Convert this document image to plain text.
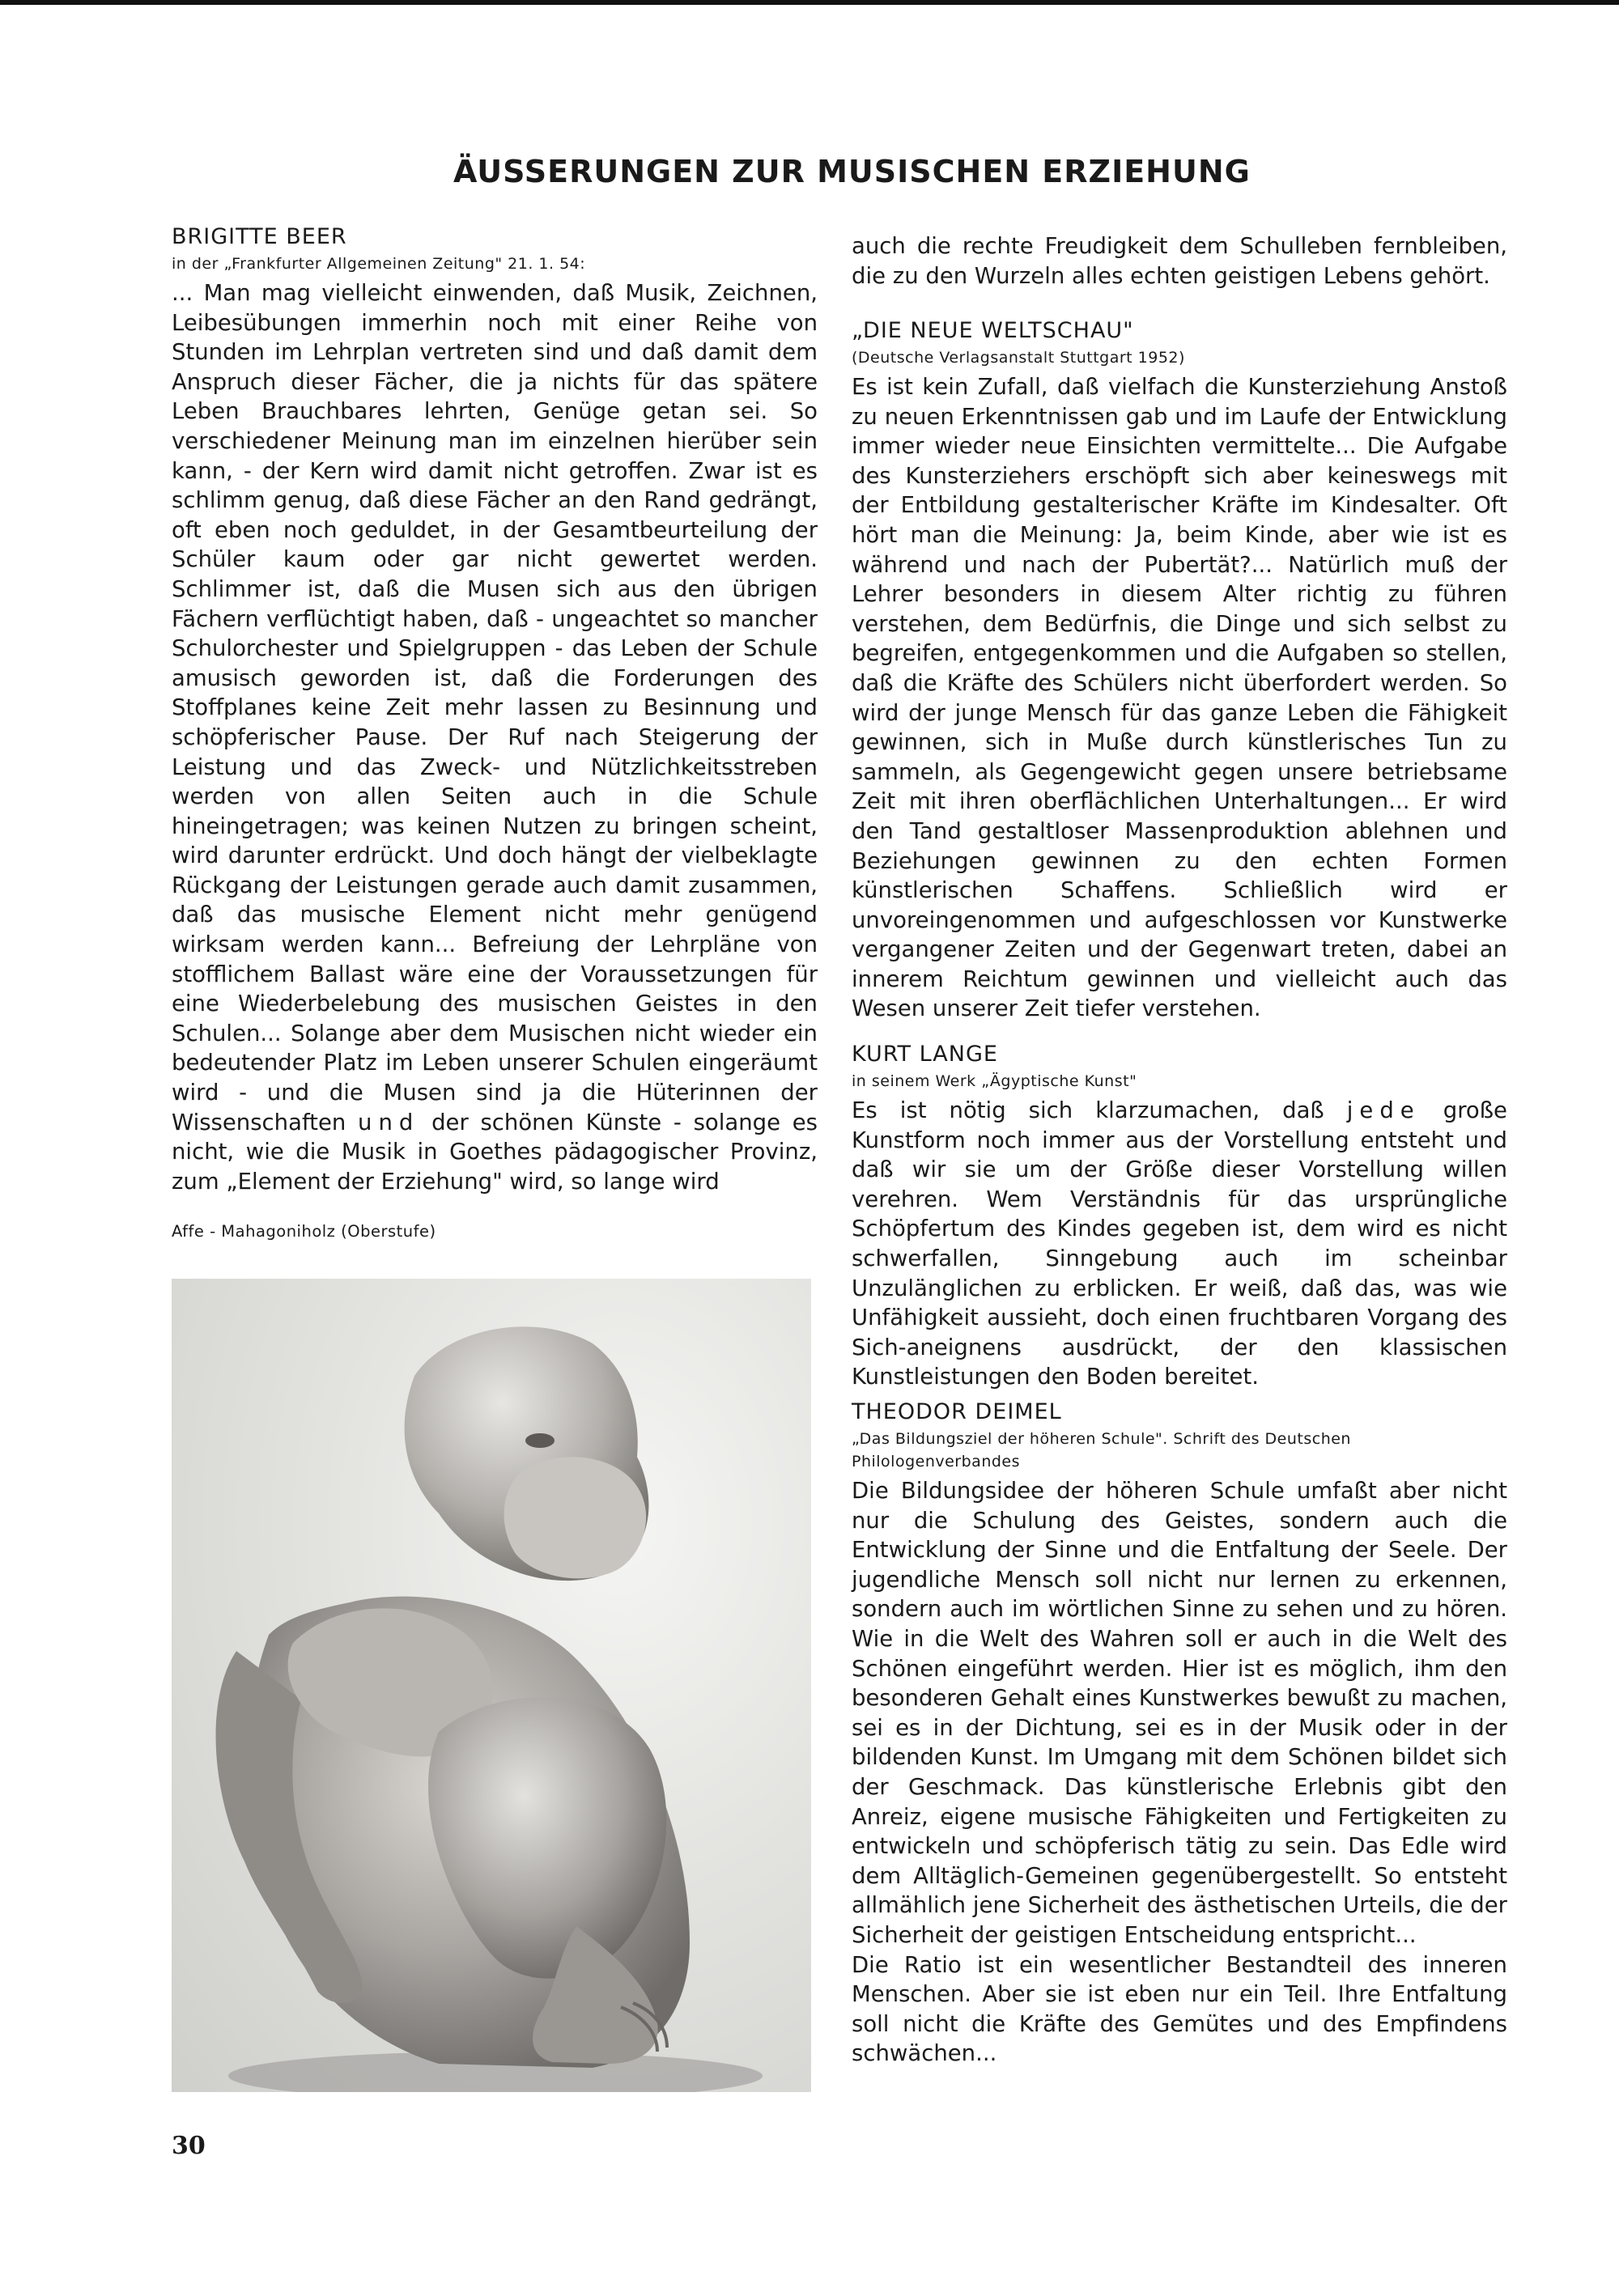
ÄUSSERUNGEN ZUR MUSISCHEN ERZIEHUNG
BRIGITTE BEER
in der „Frankfurter Allgemeinen Zeitung" 21. 1. 54:

... Man mag vielleicht einwenden, daß Musik, Zeichnen, Leibesübungen immerhin noch mit einer Reihe von Stunden im Lehrplan vertreten sind und daß damit dem Anspruch dieser Fächer, die ja nichts für das spätere Leben Brauchbares lehrten, Genüge getan sei. So verschiedener Meinung man im einzelnen hierüber sein kann, - der Kern wird damit nicht getroffen. Zwar ist es schlimm genug, daß diese Fächer an den Rand gedrängt, oft eben noch geduldet, in der Gesamtbeurteilung der Schüler kaum oder gar nicht gewertet werden. Schlimmer ist, daß die Musen sich aus den übrigen Fächern verflüchtigt haben, daß - ungeachtet so mancher Schulorchester und Spielgruppen - das Leben der Schule amusisch geworden ist, daß die Forderungen des Stoffplanes keine Zeit mehr lassen zu Besinnung und schöpferischer Pause. Der Ruf nach Steigerung der Leistung und das Zweck- und Nützlichkeitsstreben werden von allen Seiten auch in die Schule hineingetragen; was keinen Nutzen zu bringen scheint, wird darunter erdrückt. Und doch hängt der vielbeklagte Rückgang der Leistungen gerade auch damit zusammen, daß das musische Element nicht mehr genügend wirksam werden kann... Befreiung der Lehrpläne von stofflichem Ballast wäre eine der Voraussetzungen für eine Wiederbelebung des musischen Geistes in den Schulen... Solange aber dem Musischen nicht wieder ein bedeutender Platz im Leben unserer Schulen eingeräumt wird - und die Musen sind ja die Hüterinnen der Wissenschaften und der schönen Künste - solange es nicht, wie die Musik in Goethes pädagogischer Provinz, zum „Element der Erziehung" wird, so lange wird

Affe - Mahagoniholz (Oberstufe)
30

auch die rechte Freudigkeit dem Schulleben fernbleiben, die zu den Wurzeln alles echten geistigen Lebens gehört.

„DIE NEUE WELTSCHAU"
(Deutsche Verlagsanstalt Stuttgart 1952)

Es ist kein Zufall, daß vielfach die Kunsterziehung Anstoß zu neuen Erkenntnissen gab und im Laufe der Entwicklung immer wieder neue Einsichten vermittelte... Die Aufgabe des Kunsterziehers erschöpft sich aber keineswegs mit der Entbildung gestalterischer Kräfte im Kindesalter. Oft hört man die Meinung: Ja, beim Kinde, aber wie ist es während und nach der Pubertät?... Natürlich muß der Lehrer besonders in diesem Alter richtig zu führen verstehen, dem Bedürfnis, die Dinge und sich selbst zu begreifen, entgegenkommen und die Aufgaben so stellen, daß die Kräfte des Schülers nicht überfordert werden. So wird der junge Mensch für das ganze Leben die Fähigkeit gewinnen, sich in Muße durch künstlerisches Tun zu sammeln, als Gegengewicht gegen unsere betriebsame Zeit mit ihren oberflächlichen Unterhaltungen... Er wird den Tand gestaltloser Massenproduktion ablehnen und Beziehungen gewinnen zu den echten Formen künstlerischen Schaffens. Schließlich wird er unvoreingenommen und aufgeschlossen vor Kunstwerke vergangener Zeiten und der Gegenwart treten, dabei an innerem Reichtum gewinnen und vielleicht auch das Wesen unserer Zeit tiefer verstehen.

KURT LANGE
in seinem Werk „Ägyptische Kunst"

Es ist nötig sich klarzumachen, daß jede große Kunstform noch immer aus der Vorstellung entsteht und daß wir sie um der Größe dieser Vorstellung willen verehren. Wem Verständnis für das ursprüngliche Schöpfertum des Kindes gegeben ist, dem wird es nicht schwerfallen, Sinngebung auch im scheinbar Unzulänglichen zu erblicken. Er weiß, daß das, was wie Unfähigkeit aussieht, doch einen fruchtbaren Vorgang des Sich-aneignens ausdrückt, der den klassischen Kunstleistungen den Boden bereitet.

THEODOR DEIMEL
„Das Bildungsziel der höheren Schule". Schrift des Deutschen Philologenverbandes

Die Bildungsidee der höheren Schule umfaßt aber nicht nur die Schulung des Geistes, sondern auch die Entwicklung der Sinne und die Entfaltung der Seele. Der jugendliche Mensch soll nicht nur lernen zu erkennen, sondern auch im wörtlichen Sinne zu sehen und zu hören. Wie in die Welt des Wahren soll er auch in die Welt des Schönen eingeführt werden. Hier ist es möglich, ihm den besonderen Gehalt eines Kunstwerkes bewußt zu machen, sei es in der Dichtung, sei es in der Musik oder in der bildenden Kunst. Im Umgang mit dem Schönen bildet sich der Geschmack. Das künstlerische Erlebnis gibt den Anreiz, eigene musische Fähigkeiten und Fertigkeiten zu entwickeln und schöpferisch tätig zu sein. Das Edle wird dem Alltäglich-Gemeinen gegenübergestellt. So entsteht allmählich jene Sicherheit des ästhetischen Urteils, die der Sicherheit der geistigen Entscheidung entspricht...

Die Ratio ist ein wesentlicher Bestandteil des inneren Menschen. Aber sie ist eben nur ein Teil. Ihre Entfaltung soll nicht die Kräfte des Gemütes und des Empfindens schwächen...
